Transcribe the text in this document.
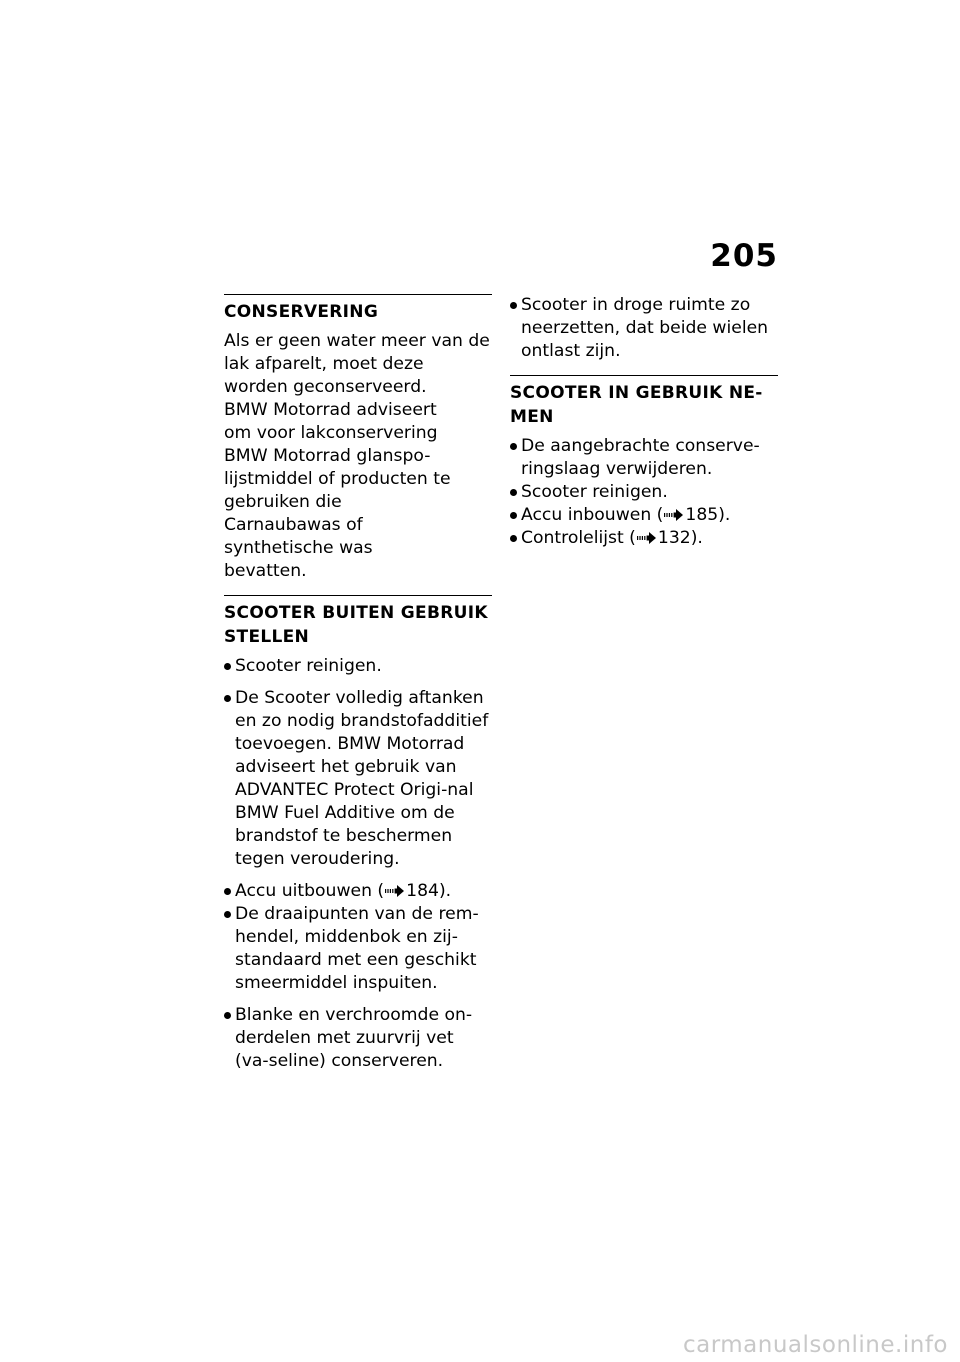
205
CONSERVERING

Als er geen water meer van de lak afparelt, moet deze worden geconserveerd.

BMW Motorrad adviseert om voor lakconservering BMW Motorrad glanspo-lijstmiddel of producten te gebruiken die Carnaubawas of synthetische was bevatten.

SCOOTER BUITEN GEBRUIK STELLEN
Scooter reinigen.
De Scooter volledig aftanken en zo nodig brandstofadditief toevoegen. BMW Motorrad adviseert het gebruik van ADVANTEC Protect Origi-nal BMW Fuel Additive om de brandstof te beschermen tegen veroudering.
Accu uitbouwen ( 184).
De draaipunten van de rem-hendel, middenbok en zij-standaard met een geschikt smeermiddel inspuiten.
Blanke en verchroomde on-derdelen met zuurvrij vet (va-seline) conserveren.
Scooter in droge ruimte zo neerzetten, dat beide wielen ontlast zijn.
SCOOTER IN GEBRUIK NE-MEN
De aangebrachte conserve-ringslaag verwijderen.
Scooter reinigen.
Accu inbouwen ( 185).
Controlelijst ( 132).
carmanualsonline.info
